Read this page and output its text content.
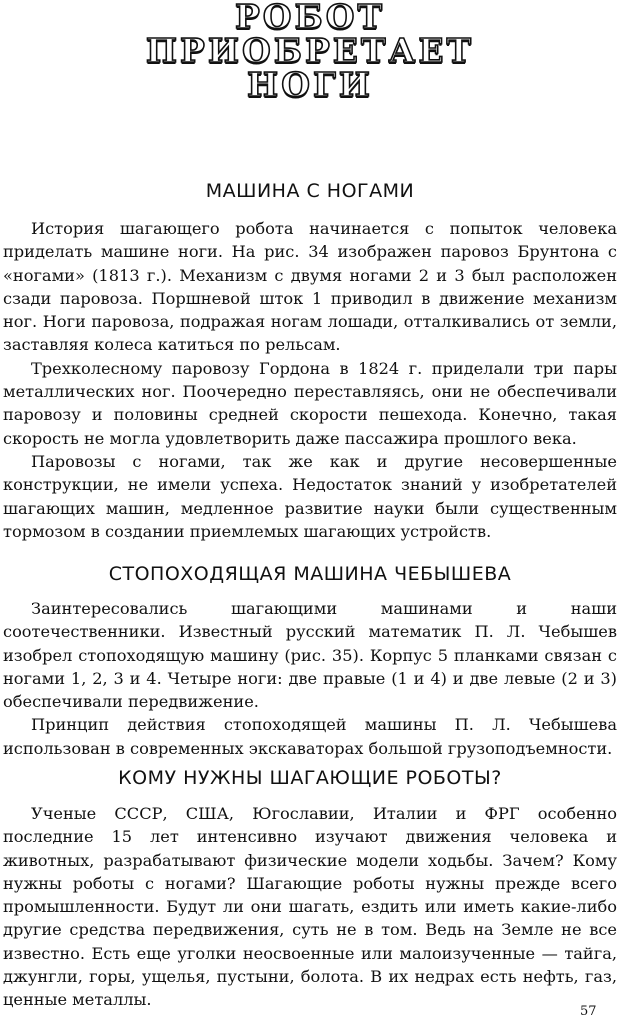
РОБОТ
ПРИОБРЕТАЕТ
НОГИ
МАШИНА С НОГАМИ

История шагающего робота начинается с попыток человека приделать машине ноги. На рис. 34 изображен паровоз Брунтона с «ногами» (1813 г.). Механизм с двумя ногами 2 и 3 был расположен сзади паровоза. Поршневой шток 1 приводил в движение механизм ног. Ноги паровоза, подражая ногам лошади, отталкивались от земли, заставляя колеса катиться по рельсам.

Трехколесному паровозу Гордона в 1824 г. приделали три пары металлических ног. Поочередно переставляясь, они не обеспечивали паровозу и половины средней скорости пешехода. Конечно, такая скорость не могла удовлетворить даже пассажира прошлого века.

Паровозы с ногами, так же как и другие несовершенные конструкции, не имели успеха. Недостаток знаний у изобретателей шагающих машин, медленное развитие науки были существенным тормозом в создании приемлемых шагающих устройств.

СТОПОХОДЯЩАЯ МАШИНА ЧЕБЫШЕВА

Заинтересовались шагающими машинами и наши соотечественники. Известный русский математик П. Л. Чебышев изобрел стопоходящую машину (рис. 35). Корпус 5 планками связан с ногами 1, 2, 3 и 4. Четыре ноги: две правые (1 и 4) и две левые (2 и 3) обеспечивали передвижение.

Принцип действия стопоходящей машины П. Л. Чебышева использован в современных экскаваторах большой грузоподъемности.

КОМУ НУЖНЫ ШАГАЮЩИЕ РОБОТЫ?

Ученые СССР, США, Югославии, Италии и ФРГ особенно последние 15 лет интенсивно изучают движения человека и животных, разрабатывают физические модели ходьбы. Зачем? Кому нужны роботы с ногами? Шагающие роботы нужны прежде всего промышленности. Будут ли они шагать, ездить или иметь какие-либо другие средства передвижения, суть не в том. Ведь на Земле не все известно. Есть еще уголки неосвоенные или малоизученные — тайга, джунгли, горы, ущелья, пустыни, болота. В их недрах есть нефть, газ, ценные металлы.

57
